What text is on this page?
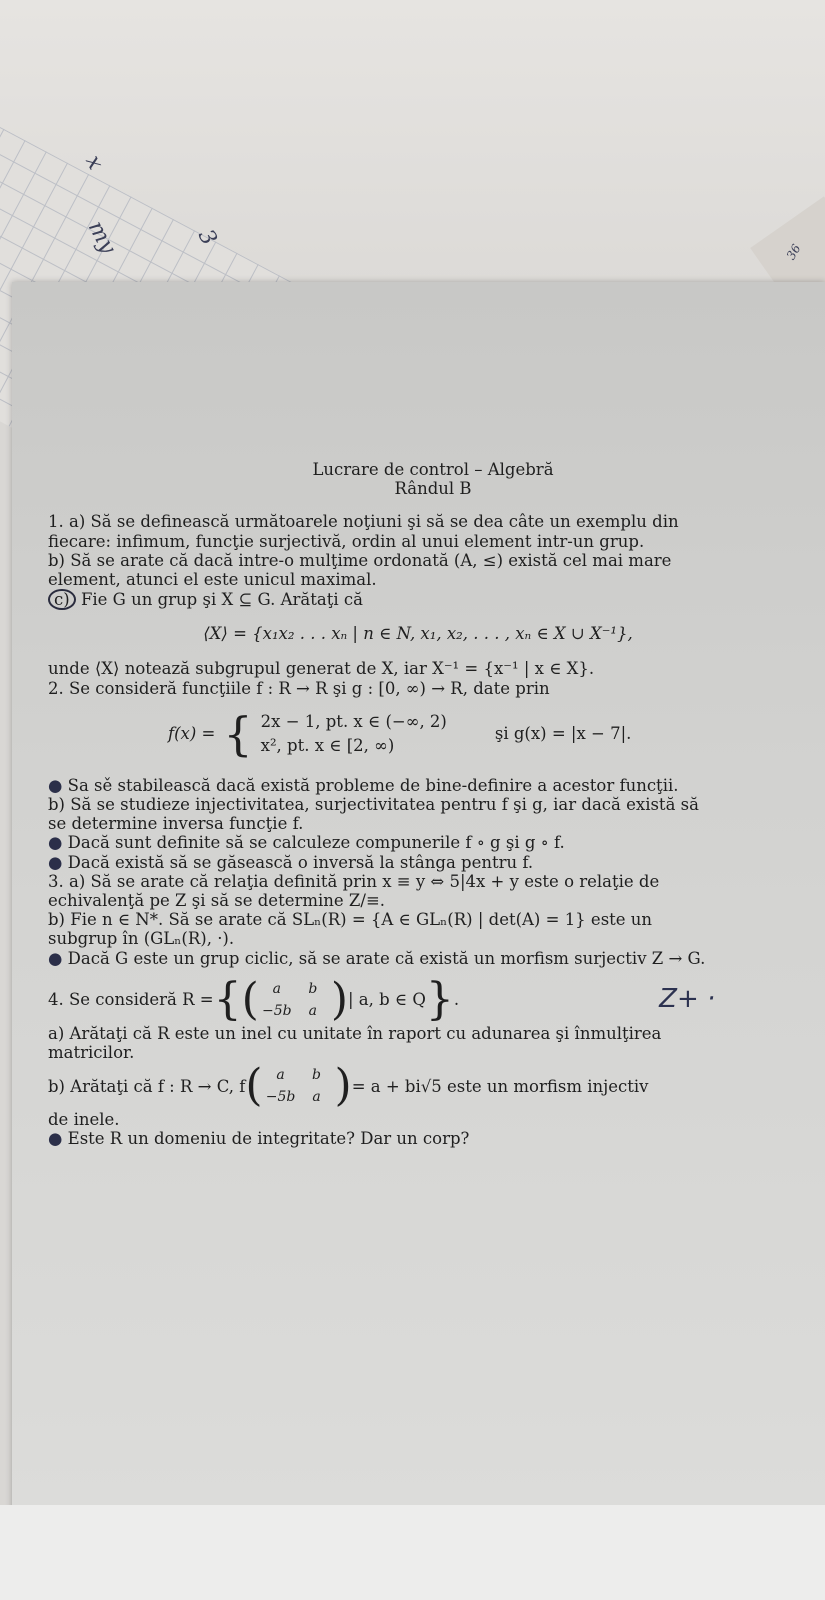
x
my	3
36
Lucrare de control – Algebră
Rândul B
1. a) Să se definească următoarele noţiuni şi să se dea câte un exemplu din
fiecare: infimum, funcţie surjectivă, ordin al unui element intr-un grup.
b) Să se arate că dacă intre-o mulţime ordonată (A, ≤) există cel mai mare
element, atunci el este unicul maximal.
c) Fie G un grup şi X ⊆ G. Arătaţi că
⟨X⟩ = {x₁x₂ . . . xₙ | n ∈ N, x₁, x₂, . . . , xₙ ∈ X ∪ X⁻¹},
unde ⟨X⟩ notează subgrupul generat de X, iar X⁻¹ = {x⁻¹ | x ∈ X}.
2. Se consideră funcţiile f : R → R şi g : [0, ∞) → R, date prin
f(x) = { 2x − 1, pt. x ∈ (−∞, 2)
x², pt. x ∈ [2, ∞)
şi g(x) = |x − 7|.
● Sa sě stabilească dacă există probleme de bine-definire a acestor funcţii.
b) Să se studieze injectivitatea, surjectivitatea pentru f şi g, iar dacă există să
se determine inversa funcţie f.
● Dacă sunt definite să se calculeze compunerile f ∘ g şi g ∘ f.
● Dacă există să se găsească o inversă la stânga pentru f.
3. a) Să se arate că relaţia definită prin x ≡ y ⇔ 5|4x + y este o relaţie de
echivalenţă pe Z şi să se determine Z/≡.
b) Fie n ∈ N*. Să se arate că SLₙ(R) = {A ∈ GLₙ(R) | det(A) = 1} este un
subgrup în (GLₙ(R), ·).
● Dacă G este un grup ciclic, să se arate că există un morfism surjectiv Z → G.
4. Se consideră R = { ( a	b
−5b	a ) | a, b ∈ Q } .	Z+ ·
a) Arătaţi că R este un inel cu unitate în raport cu adunarea şi înmulţirea
matricilor.
b) Arătaţi că f : R → C, f ( a	b
−5b	a ) = a + bi√5 este un morfism injectiv
de inele.
● Este R un domeniu de integritate? Dar un corp?
